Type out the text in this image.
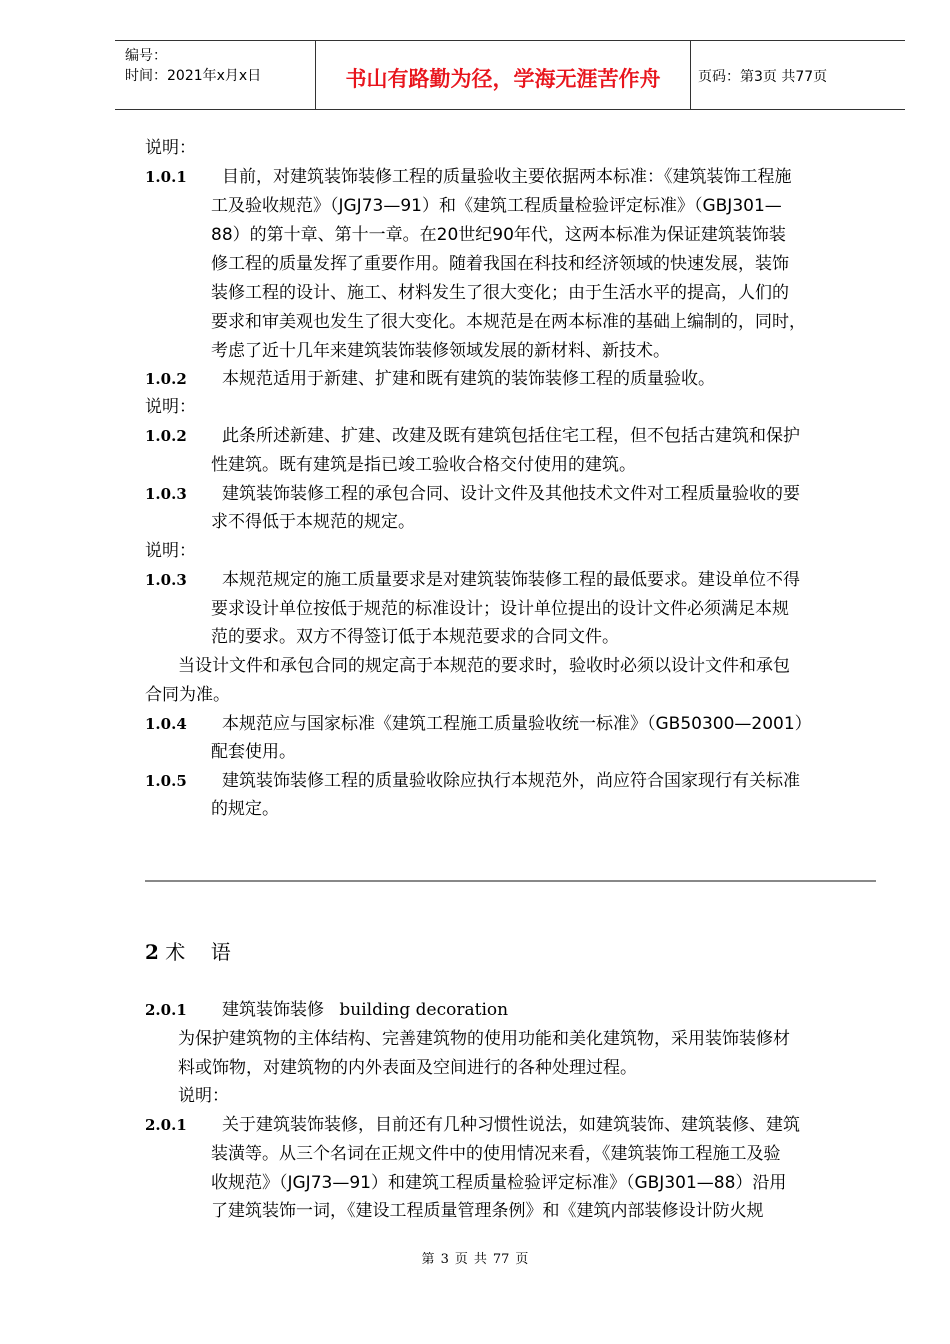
编号：
时间：2021年x月x日	书山有路勤为径，学海无涯苦作舟	页码：第3页 共77页
说明：
1.0.1 目前，对建筑装饰装修工程的质量验收主要依据两本标准：《建筑装饰工程施
工及验收规范》（JGJ73—91）和《建筑工程质量检验评定标准》（GBJ301—
88）的第十章、第十一章。在20世纪90年代，这两本标准为保证建筑装饰装
修工程的质量发挥了重要作用。随着我国在科技和经济领域的快速发展，装饰
装修工程的设计、施工、材料发生了很大变化；由于生活水平的提高，人们的
要求和审美观也发生了很大变化。本规范是在两本标准的基础上编制的，同时，
考虑了近十几年来建筑装饰装修领域发展的新材料、新技术。
1.0.2 本规范适用于新建、扩建和既有建筑的装饰装修工程的质量验收。
说明：
1.0.2 此条所述新建、扩建、改建及既有建筑包括住宅工程，但不包括古建筑和保护
性建筑。既有建筑是指已竣工验收合格交付使用的建筑。
1.0.3 建筑装饰装修工程的承包合同、设计文件及其他技术文件对工程质量验收的要
求不得低于本规范的规定。
说明：
1.0.3 本规范规定的施工质量要求是对建筑装饰装修工程的最低要求。建设单位不得
要求设计单位按低于规范的标准设计；设计单位提出的设计文件必须满足本规
范的要求。双方不得签订低于本规范要求的合同文件。
当设计文件和承包合同的规定高于本规范的要求时，验收时必须以设计文件和承包
合同为准。
1.0.4 本规范应与国家标准《建筑工程施工质量验收统一标准》（GB50300—2001）
配套使用。
1.0.5 建筑装饰装修工程的质量验收除应执行本规范外，尚应符合国家现行有关标准
的规定。
2 术    语
2.0.1 建筑装饰装修 building decoration
为保护建筑物的主体结构、完善建筑物的使用功能和美化建筑物，采用装饰装修材
料或饰物，对建筑物的内外表面及空间进行的各种处理过程。
说明：
2.0.1 关于建筑装饰装修，目前还有几种习惯性说法，如建筑装饰、建筑装修、建筑
装潢等。从三个名词在正规文件中的使用情况来看，《建筑装饰工程施工及验
收规范》（JGJ73—91）和建筑工程质量检验评定标准》（GBJ301—88）沿用
了建筑装饰一词，《建设工程质量管理条例》和《建筑内部装修设计防火规
第 3 页 共 77 页
